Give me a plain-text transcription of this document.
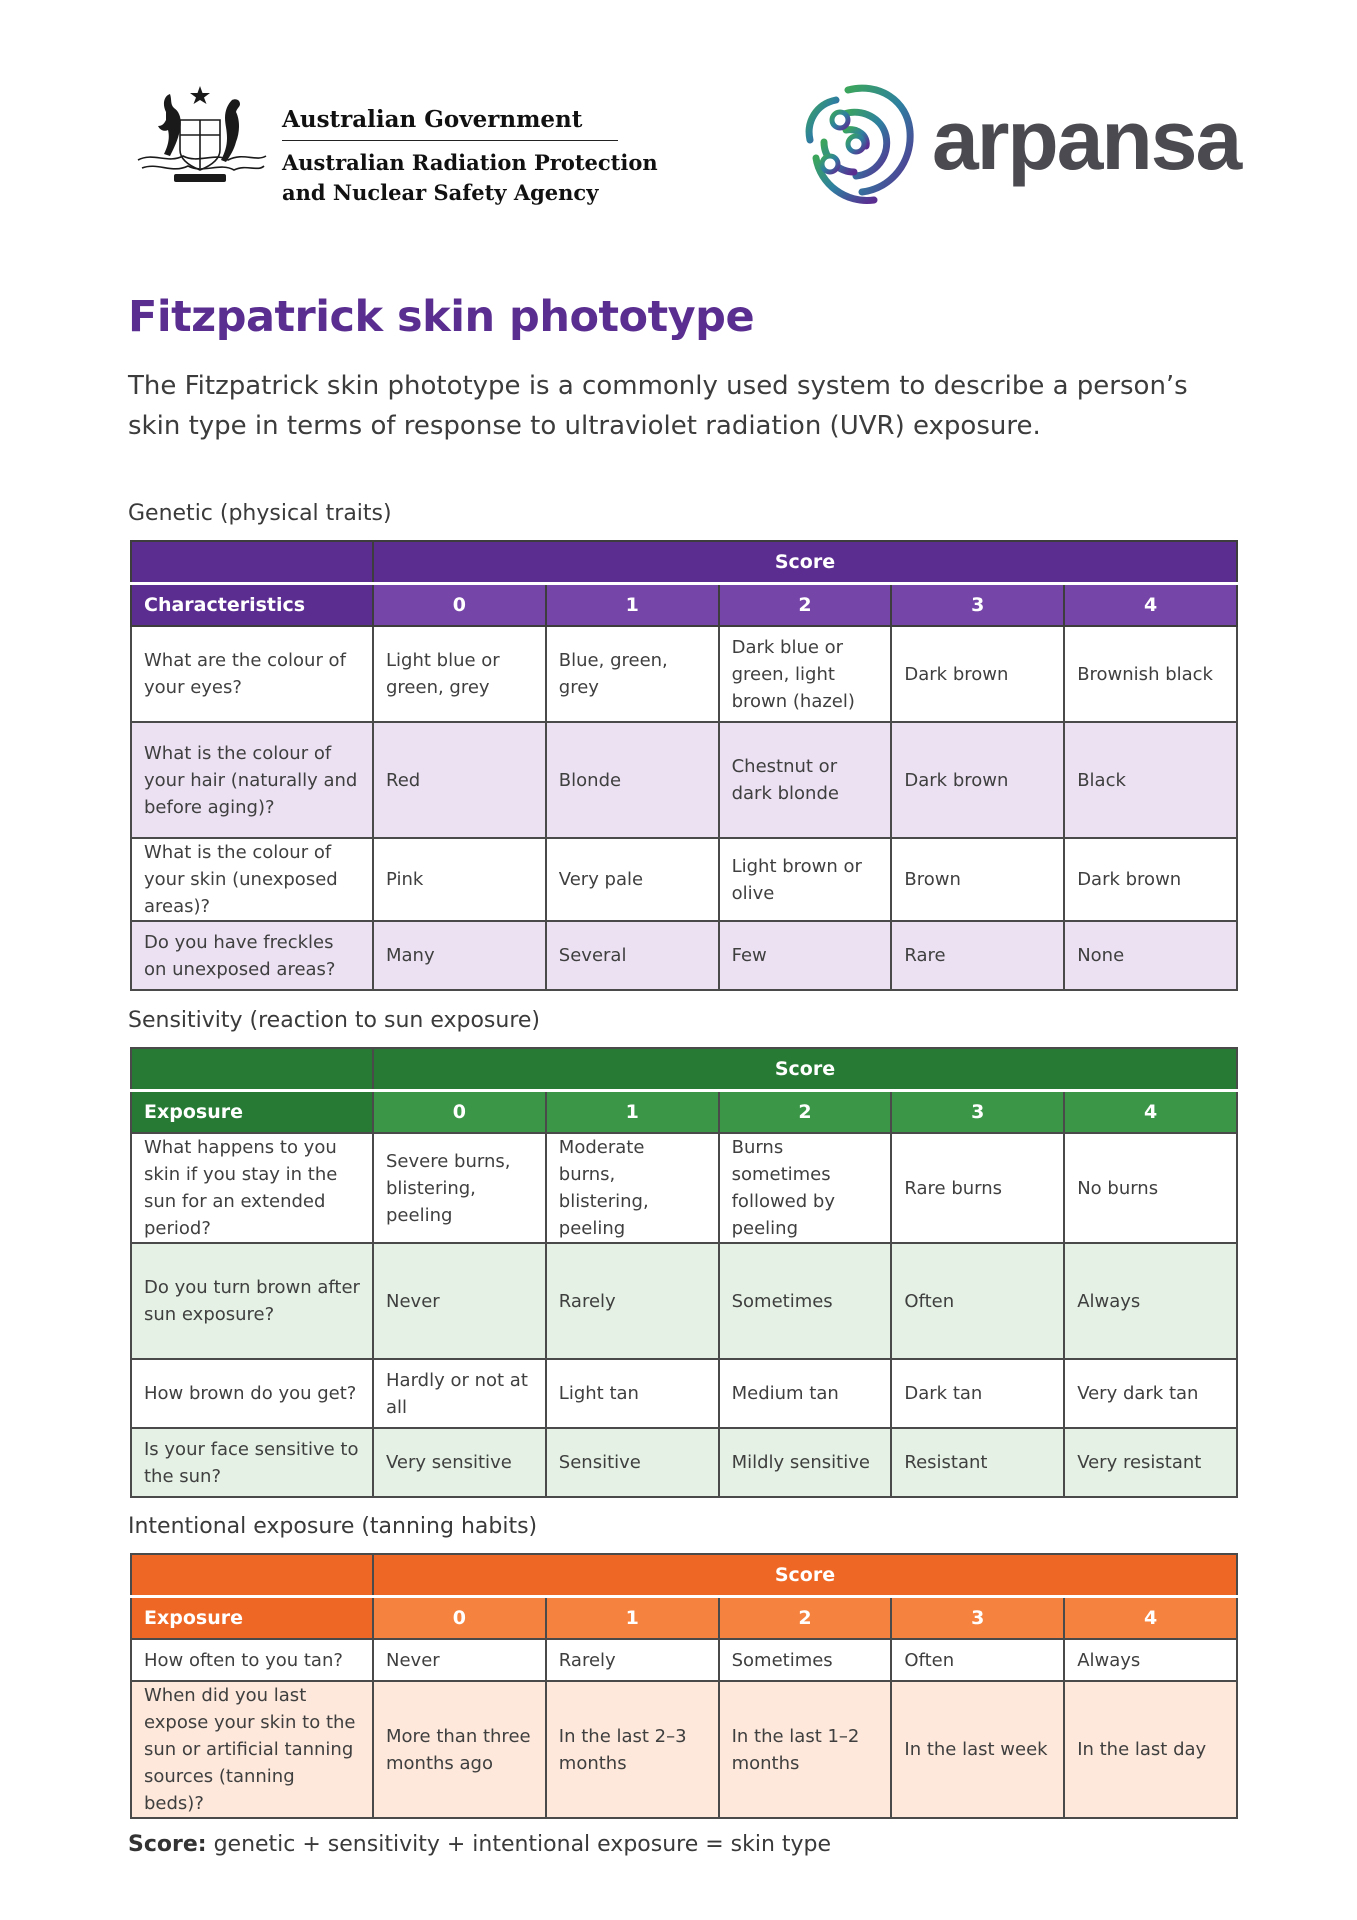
Australian Government
Australian Radiation Protection
and Nuclear Safety Agency
arpansa
Fitzpatrick skin phototype

The Fitzpatrick skin phototype is a commonly used system to describe a person’s skin type in terms of response to ultraviolet radiation (UVR) exposure.

Genetic (physical traits)
	Score				
Characteristics	0	1	2	3	4
What are the colour of your eyes?	Light blue or green, grey	Blue, green, grey	Dark blue or green, light brown (hazel)	Dark brown	Brownish black
What is the colour of your hair (naturally and before aging)?	Red	Blonde	Chestnut or dark blonde	Dark brown	Black
What is the colour of your skin (unexposed areas)?	Pink	Very pale	Light brown or olive	Brown	Dark brown
Do you have freckles on unexposed areas?	Many	Several	Few	Rare	None
Sensitivity (reaction to sun exposure)
	Score				
Exposure	0	1	2	3	4
What happens to you skin if you stay in the sun for an extended period?	Severe burns, blistering, peeling	Moderate burns, blistering, peeling	Burns sometimes followed by peeling	Rare burns	No burns
Do you turn brown after sun exposure?	Never	Rarely	Sometimes	Often	Always
How brown do you get?	Hardly or not at all	Light tan	Medium tan	Dark tan	Very dark tan
Is your face sensitive to the sun?	Very sensitive	Sensitive	Mildly sensitive	Resistant	Very resistant
Intentional exposure (tanning habits)
	Score				
Exposure	0	1	2	3	4
How often to you tan?	Never	Rarely	Sometimes	Often	Always
When did you last expose your skin to the sun or artificial tanning sources (tanning beds)?	More than three months ago	In the last 2–3 months	In the last 1–2 months	In the last week	In the last day
Score: genetic + sensitivity + intentional exposure = skin type
